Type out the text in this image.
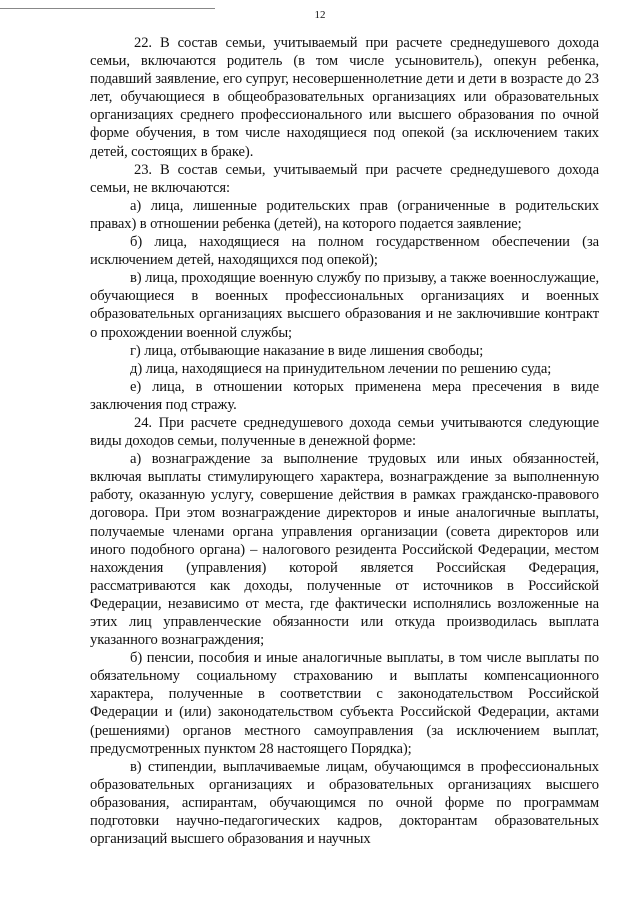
12

22. В состав семьи, учитываемый при расчете среднедушевого дохода семьи, включаются родитель (в том числе усыновитель), опекун ребенка, подавший заявление, его супруг, несовершеннолетние дети и дети в возрасте до 23 лет, обучающиеся в общеобразовательных организациях или образовательных организациях среднего профессионального или высшего образования по очной форме обучения, в том числе находящиеся под опекой (за исключением таких детей, состоящих в браке).

23. В состав семьи, учитываемый при расчете среднедушевого дохода семьи, не включаются:

а) лица, лишенные родительских прав (ограниченные в родительских правах) в отношении ребенка (детей), на которого подается заявление;

б) лица, находящиеся на полном государственном обеспечении (за исключением детей, находящихся под опекой);

в) лица, проходящие военную службу по призыву, а также военнослужащие, обучающиеся в военных профессиональных организациях и военных образовательных организациях высшего образования и не заключившие контракт о прохождении военной службы;

г) лица, отбывающие наказание в виде лишения свободы;

д) лица, находящиеся на принудительном лечении по решению суда;

е) лица, в отношении которых применена мера пресечения в виде заключения под стражу.

24. При расчете среднедушевого дохода семьи учитываются следующие виды доходов семьи, полученные в денежной форме:

а) вознаграждение за выполнение трудовых или иных обязанностей, включая выплаты стимулирующего характера, вознаграждение за выполненную работу, оказанную услугу, совершение действия в рамках гражданско-правового договора. При этом вознаграждение директоров и иные аналогичные выплаты, получаемые членами органа управления организации (совета директоров или иного подобного органа) – налогового резидента Российской Федерации, местом нахождения (управления) которой является Российская Федерация, рассматриваются как доходы, полученные от источников в Российской Федерации, независимо от места, где фактически исполнялись возложенные на этих лиц управленческие обязанности или откуда производилась выплата указанного вознаграждения;

б) пенсии, пособия и иные аналогичные выплаты, в том числе выплаты по обязательному социальному страхованию и выплаты компенсационного характера, полученные в соответствии с законодательством Российской Федерации и (или) законодательством субъекта Российской Федерации, актами (решениями) органов местного самоуправления (за исключением выплат, предусмотренных пунктом 28 настоящего Порядка);

в) стипендии, выплачиваемые лицам, обучающимся в профессиональных образовательных организациях и образовательных организациях высшего образования, аспирантам, обучающимся по очной форме по программам подготовки научно-педагогических кадров, докторантам образовательных организаций высшего образования и научных
